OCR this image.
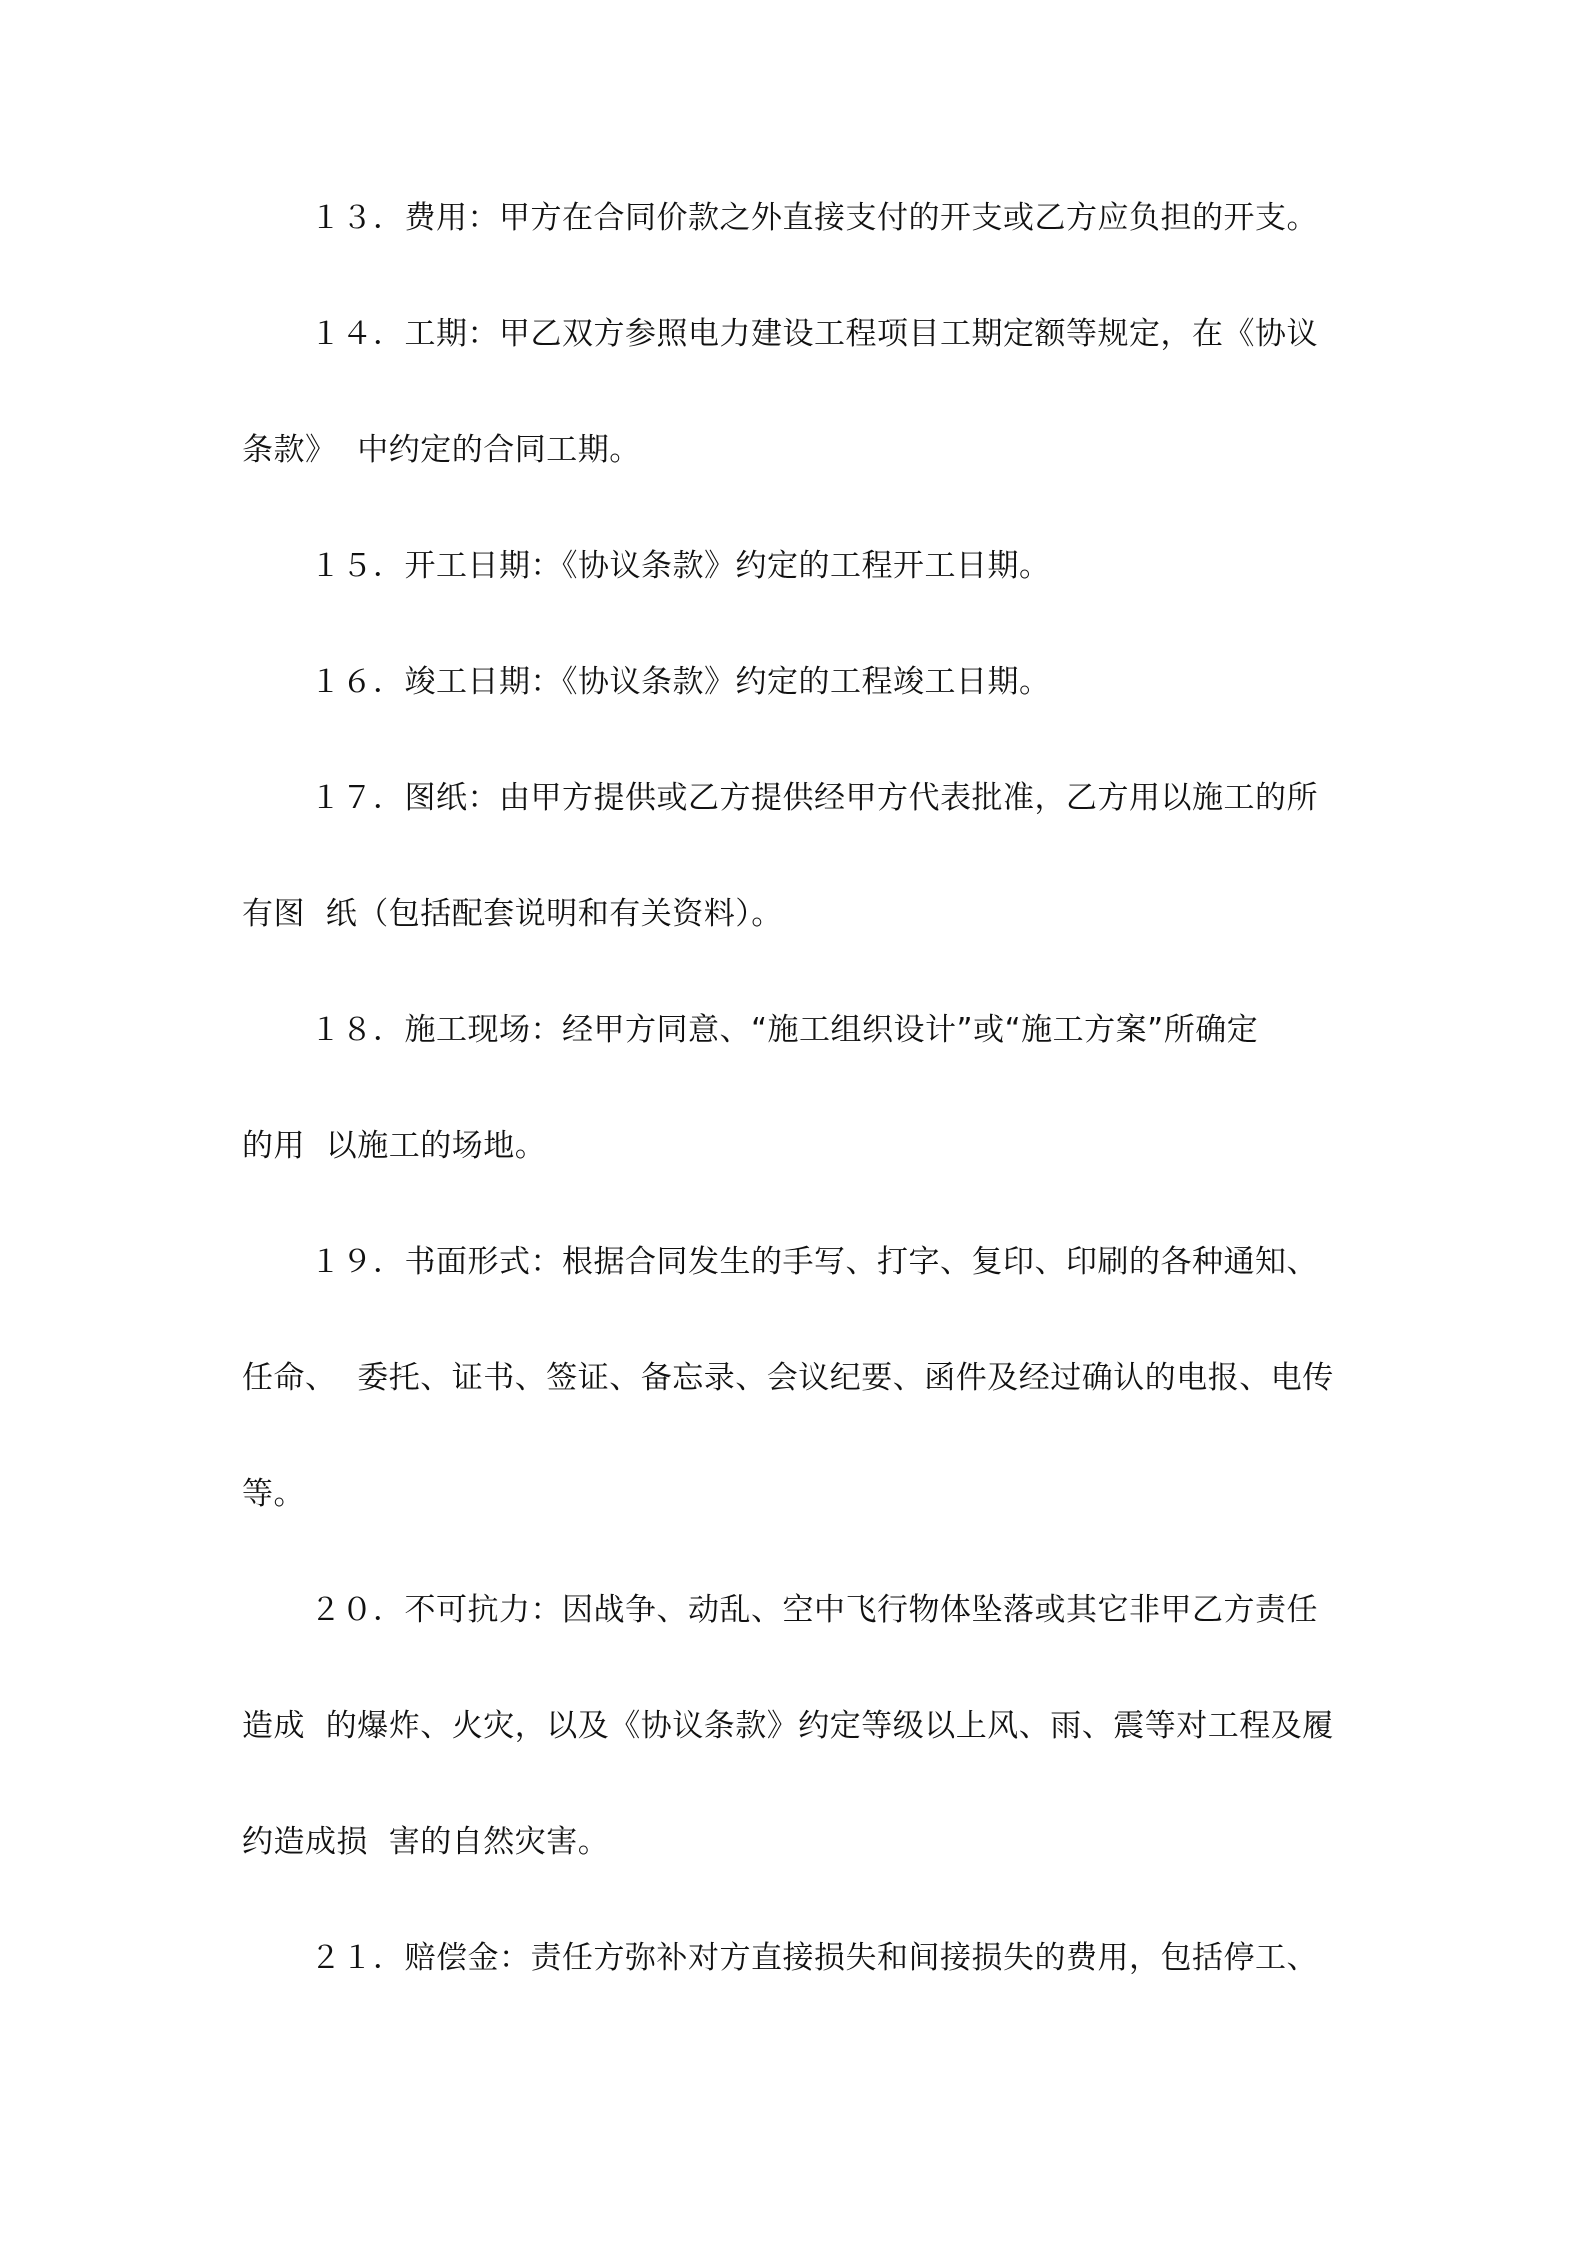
１３．费用：甲方在合同价款之外直接支付的开支或乙方应负担的开支。
１４．工期：甲乙双方参照电力建设工程项目工期定额等规定，在《协议
条款》  中约定的合同工期。
１５．开工日期：《协议条款》约定的工程开工日期。
１６．竣工日期：《协议条款》约定的工程竣工日期。
１７．图纸：由甲方提供或乙方提供经甲方代表批准，乙方用以施工的所
有图  纸（包括配套说明和有关资料）。
１８．施工现场：经甲方同意、“施工组织设计”或“施工方案”所确定
的用  以施工的场地。
１９．书面形式：根据合同发生的手写、打字、复印、印刷的各种通知、
任命、  委托、证书、签证、备忘录、会议纪要、函件及经过确认的电报、电传
等。
２０．不可抗力：因战争、动乱、空中飞行物体坠落或其它非甲乙方责任
造成  的爆炸、火灾，以及《协议条款》约定等级以上风、雨、震等对工程及履
约造成损  害的自然灾害。
２１．赔偿金：责任方弥补对方直接损失和间接损失的费用，包括停工、
